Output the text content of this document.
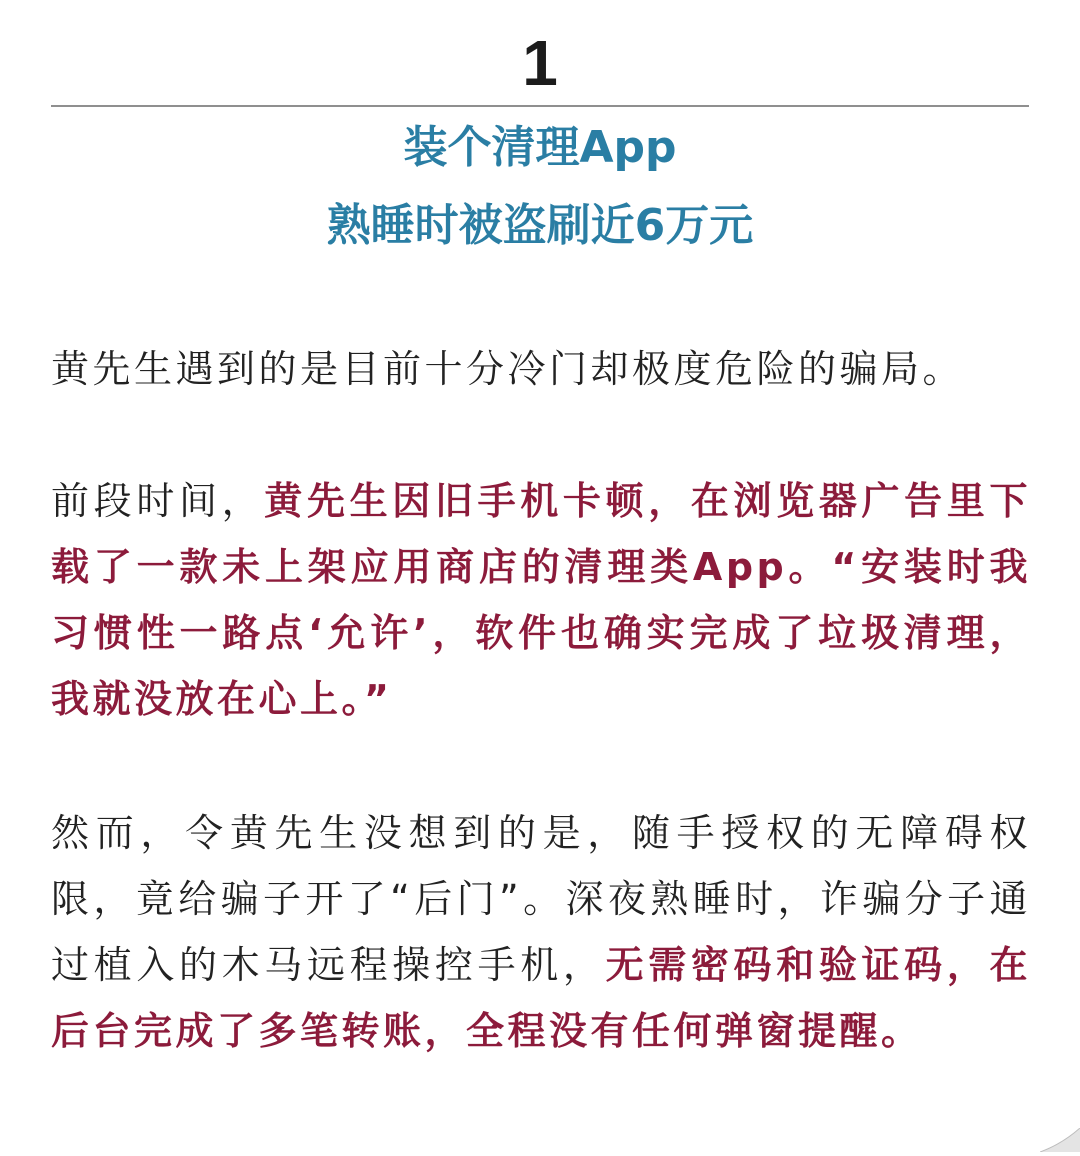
1
装个清理App
熟睡时被盗刷近6万元

黄先生遇到的是目前十分冷门却极度危险的骗局。

前段时间，黄先生因旧手机卡顿，在浏览器广告里下载了一款未上架应用商店的清理类App。“安装时我习惯性一路点‘允许’，软件也确实完成了垃圾清理，我就没放在心上。”

然而，令黄先生没想到的是，随手授权的无障碍权限，竟给骗子开了“后门”。深夜熟睡时，诈骗分子通过植入的木马远程操控手机，无需密码和验证码，在后台完成了多笔转账，全程没有任何弹窗提醒。
